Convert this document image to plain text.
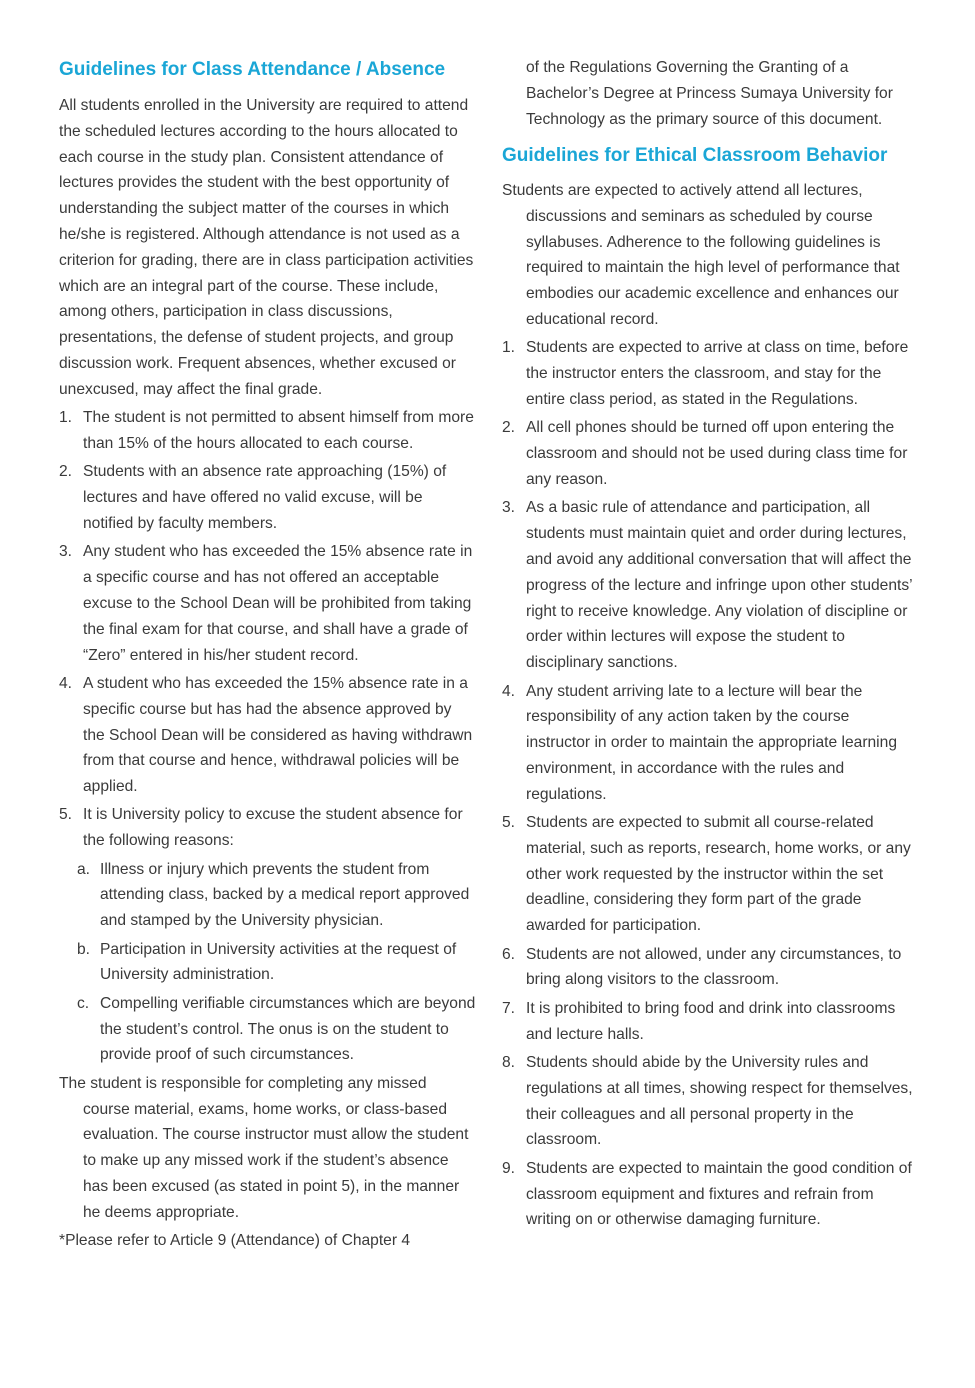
Guidelines for Class Attendance / Absence

All students enrolled in the University are required to attend the scheduled lectures according to the hours allocated to each course in the study plan. Consistent attendance of lectures provides the student with the best opportunity of understanding the subject matter of the courses in which he/she is registered. Although attendance is not used as a criterion for grading, there are in class participation activities which are an integral part of the course. These include, among others, participation in class discussions, presentations, the defense of student projects, and group discussion work. Frequent absences, whether excused or unexcused, may affect the final grade.

1. The student is not permitted to absent himself from more than 15% of the hours allocated to each course.
2. Students with an absence rate approaching (15%) of lectures and have offered no valid excuse, will be notified by faculty members.
3. Any student who has exceeded the 15% absence rate in a specific course and has not offered an acceptable excuse to the School Dean will be prohibited from taking the final exam for that course, and shall have a grade of “Zero” entered in his/her student record.
4. A student who has exceeded the 15% absence rate in a specific course but has had the absence approved by the School Dean will be considered as having withdrawn from that course and hence, withdrawal policies will be applied.
5. It is University policy to excuse the student absence for the following reasons:
a. Illness or injury which prevents the student from attending class, backed by a medical report approved and stamped by the University physician.
b. Participation in University activities at the request of University administration.
c. Compelling verifiable circumstances which are beyond the student’s control. The onus is on the student to provide proof of such circumstances.

The student is responsible for completing any missed course material, exams, home works, or class-based evaluation. The course instructor must allow the student to make up any missed work if the student’s absence has been excused (as stated in point 5), in the manner he deems appropriate.

*Please refer to Article 9 (Attendance) of Chapter 4

of the Regulations Governing the Granting of a Bachelor’s Degree at Princess Sumaya University for Technology as the primary source of this document.
Guidelines for Ethical Classroom Behavior

Students are expected to actively attend all lectures, discussions and seminars as scheduled by course syllabuses. Adherence to the following guidelines is required to maintain the high level of performance that embodies our academic excellence and enhances our educational record.

1. Students are expected to arrive at class on time, before the instructor enters the classroom, and stay for the entire class period, as stated in the Regulations.
2. All cell phones should be turned off upon entering the classroom and should not be used during class time for any reason.
3. As a basic rule of attendance and participation, all students must maintain quiet and order during lectures, and avoid any additional conversation that will affect the progress of the lecture and infringe upon other students’ right to receive knowledge. Any violation of discipline or order within lectures will expose the student to disciplinary sanctions.
4. Any student arriving late to a lecture will bear the responsibility of any action taken by the course instructor in order to maintain the appropriate learning environment, in accordance with the rules and regulations.
5. Students are expected to submit all course-related material, such as reports, research, home works, or any other work requested by the instructor within the set deadline, considering they form part of the grade awarded for participation.
6. Students are not allowed, under any circumstances, to bring along visitors to the classroom.
7. It is prohibited to bring food and drink into classrooms and lecture halls.
8. Students should abide by the University rules and regulations at all times, showing respect for themselves, their colleagues and all personal property in the classroom.
9. Students are expected to maintain the good condition of classroom equipment and fixtures and refrain from writing on or otherwise damaging furniture.
